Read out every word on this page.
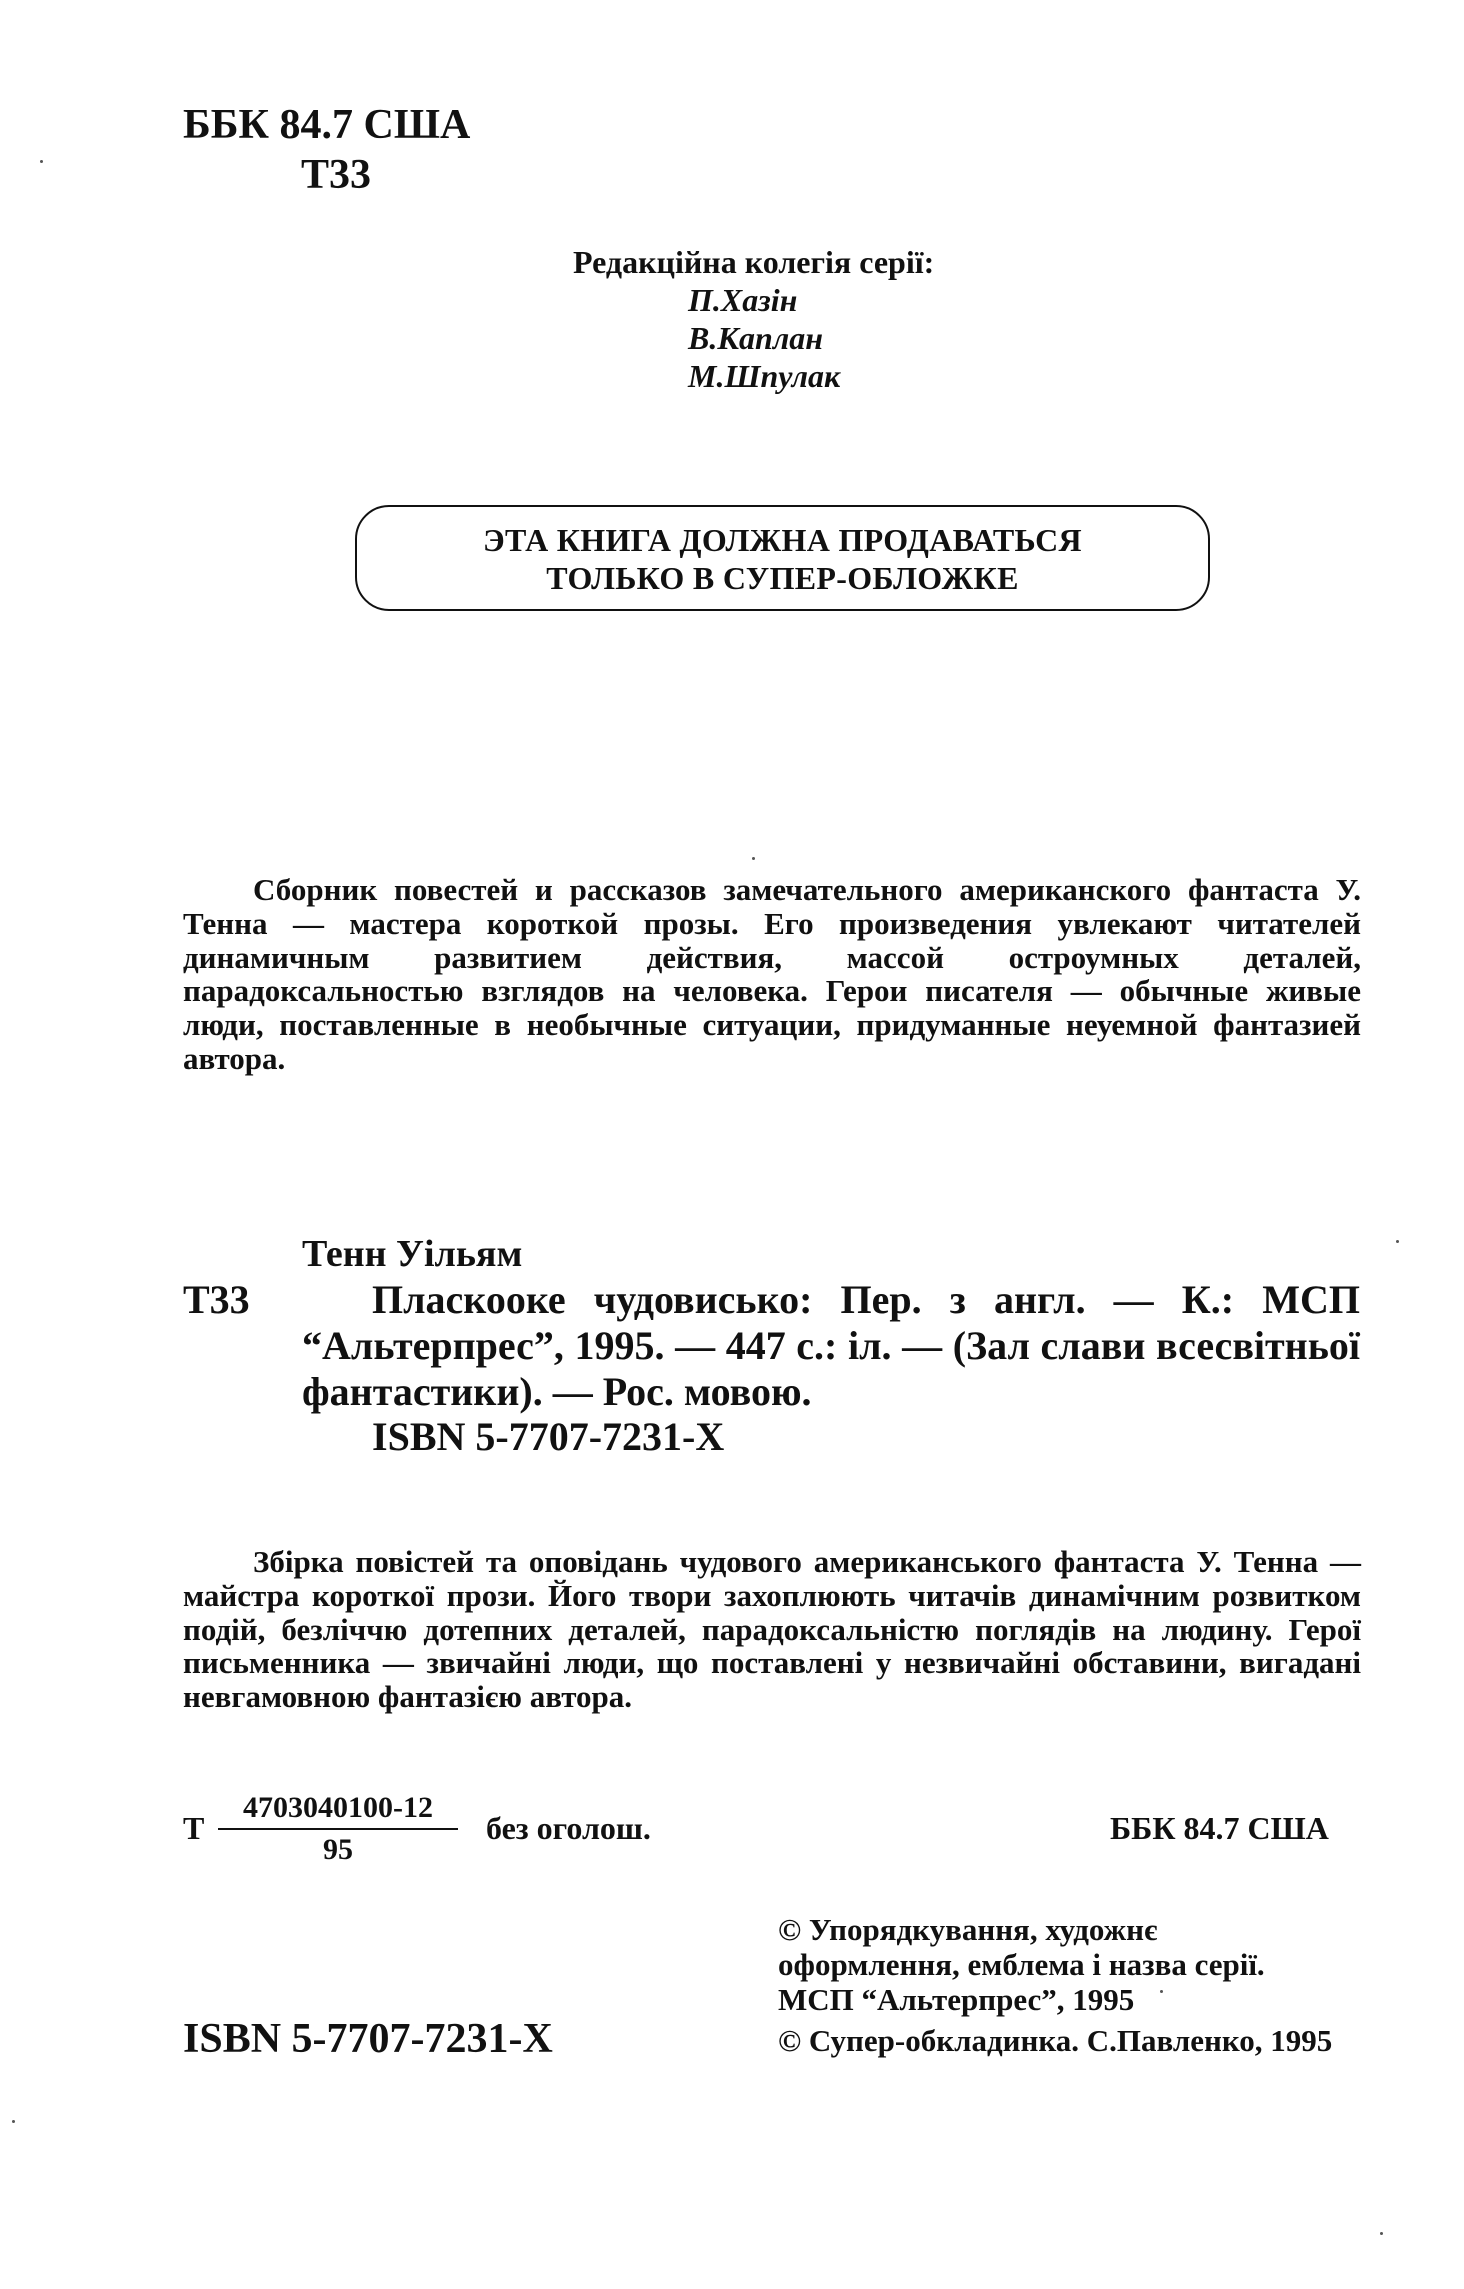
ББК 84.7 США
Т33
Редакційна колегія серії:
П.Хазін
В.Каплан
М.Шпулак
ЭТА КНИГА ДОЛЖНА ПРОДАВАТЬСЯ
ТОЛЬКО В СУПЕР-ОБЛОЖКЕ
Сборник повестей и рассказов замечательного американского фантаста У. Тенна — мастера короткой прозы. Его произведения увлекают читателей динамичным развитием действия, массой остроумных деталей, парадоксальностью взглядов на человека. Герои писателя — обычные живые люди, поставленные в необычные ситуации, придуманные неуемной фантазией автора.
Тенн Уільям
Т33	Пласкооке чудовисько: Пер. з англ. — К.: МСП “Альтерпрес”, 1995. — 447 с.: іл. — (Зал слави всесвітньої фантастики). — Рос. мовою.
ISBN 5-7707-7231-X
Збірка повістей та оповідань чудового американського фантаста У. Тенна — майстра короткої прози. Його твори захоплюють читачів динамічним розвитком подій, безліччю дотепних деталей, парадоксальністю поглядів на людину. Герої письменника — звичайні люди, що поставлені у незвичайні обставини, вигадані невгамовною фантазією автора.
Т $\frac{4703040100-12}{95}$ без оголош.	ББК 84.7 США
ISBN 5-7707-7231-X

© Упорядкування, художнє оформлення, емблема і назва серії. МСП “Альтерпрес”, 1995

© Супер-обкладинка. С.Павленко, 1995
